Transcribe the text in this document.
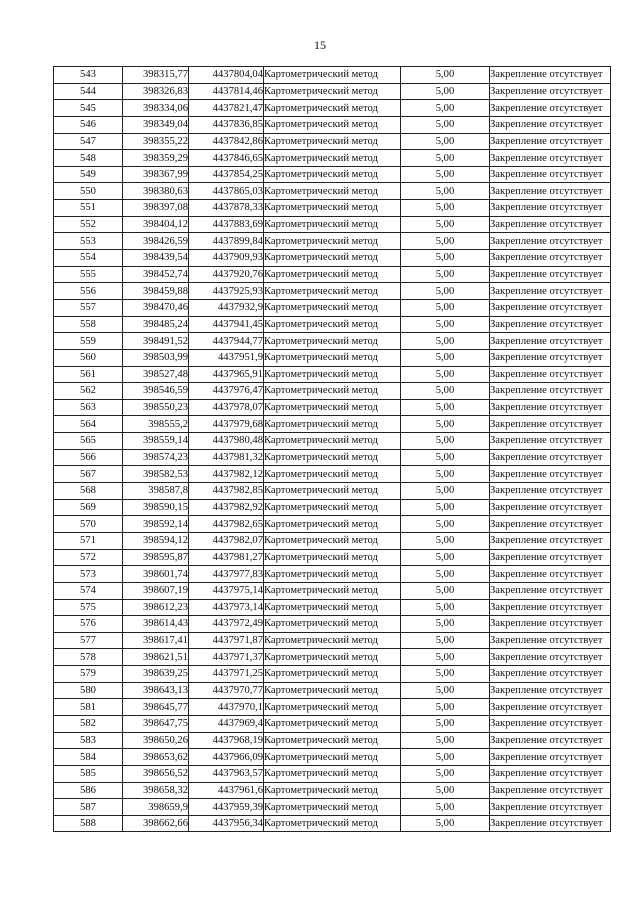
15
543	398315,77	4437804,04	Картометрический метод	5,00	Закрепление отсутствует
544	398326,83	4437814,46	Картометрический метод	5,00	Закрепление отсутствует
545	398334,06	4437821,47	Картометрический метод	5,00	Закрепление отсутствует
546	398349,04	4437836,85	Картометрический метод	5,00	Закрепление отсутствует
547	398355,22	4437842,86	Картометрический метод	5,00	Закрепление отсутствует
548	398359,29	4437846,65	Картометрический метод	5,00	Закрепление отсутствует
549	398367,99	4437854,25	Картометрический метод	5,00	Закрепление отсутствует
550	398380,63	4437865,03	Картометрический метод	5,00	Закрепление отсутствует
551	398397,08	4437878,33	Картометрический метод	5,00	Закрепление отсутствует
552	398404,12	4437883,69	Картометрический метод	5,00	Закрепление отсутствует
553	398426,59	4437899,84	Картометрический метод	5,00	Закрепление отсутствует
554	398439,54	4437909,93	Картометрический метод	5,00	Закрепление отсутствует
555	398452,74	4437920,76	Картометрический метод	5,00	Закрепление отсутствует
556	398459,88	4437925,93	Картометрический метод	5,00	Закрепление отсутствует
557	398470,46	4437932,9	Картометрический метод	5,00	Закрепление отсутствует
558	398485,24	4437941,45	Картометрический метод	5,00	Закрепление отсутствует
559	398491,52	4437944,77	Картометрический метод	5,00	Закрепление отсутствует
560	398503,99	4437951,9	Картометрический метод	5,00	Закрепление отсутствует
561	398527,48	4437965,91	Картометрический метод	5,00	Закрепление отсутствует
562	398546,59	4437976,47	Картометрический метод	5,00	Закрепление отсутствует
563	398550,23	4437978,07	Картометрический метод	5,00	Закрепление отсутствует
564	398555,2	4437979,68	Картометрический метод	5,00	Закрепление отсутствует
565	398559,14	4437980,48	Картометрический метод	5,00	Закрепление отсутствует
566	398574,23	4437981,32	Картометрический метод	5,00	Закрепление отсутствует
567	398582,53	4437982,12	Картометрический метод	5,00	Закрепление отсутствует
568	398587,8	4437982,85	Картометрический метод	5,00	Закрепление отсутствует
569	398590,15	4437982,92	Картометрический метод	5,00	Закрепление отсутствует
570	398592,14	4437982,65	Картометрический метод	5,00	Закрепление отсутствует
571	398594,12	4437982,07	Картометрический метод	5,00	Закрепление отсутствует
572	398595,87	4437981,27	Картометрический метод	5,00	Закрепление отсутствует
573	398601,74	4437977,83	Картометрический метод	5,00	Закрепление отсутствует
574	398607,19	4437975,14	Картометрический метод	5,00	Закрепление отсутствует
575	398612,23	4437973,14	Картометрический метод	5,00	Закрепление отсутствует
576	398614,43	4437972,49	Картометрический метод	5,00	Закрепление отсутствует
577	398617,41	4437971,87	Картометрический метод	5,00	Закрепление отсутствует
578	398621,51	4437971,37	Картометрический метод	5,00	Закрепление отсутствует
579	398639,25	4437971,25	Картометрический метод	5,00	Закрепление отсутствует
580	398643,13	4437970,77	Картометрический метод	5,00	Закрепление отсутствует
581	398645,77	4437970,1	Картометрический метод	5,00	Закрепление отсутствует
582	398647,75	4437969,4	Картометрический метод	5,00	Закрепление отсутствует
583	398650,26	4437968,19	Картометрический метод	5,00	Закрепление отсутствует
584	398653,62	4437966,09	Картометрический метод	5,00	Закрепление отсутствует
585	398656,52	4437963,57	Картометрический метод	5,00	Закрепление отсутствует
586	398658,32	4437961,6	Картометрический метод	5,00	Закрепление отсутствует
587	398659,9	4437959,39	Картометрический метод	5,00	Закрепление отсутствует
588	398662,66	4437956,34	Картометрический метод	5,00	Закрепление отсутствует
